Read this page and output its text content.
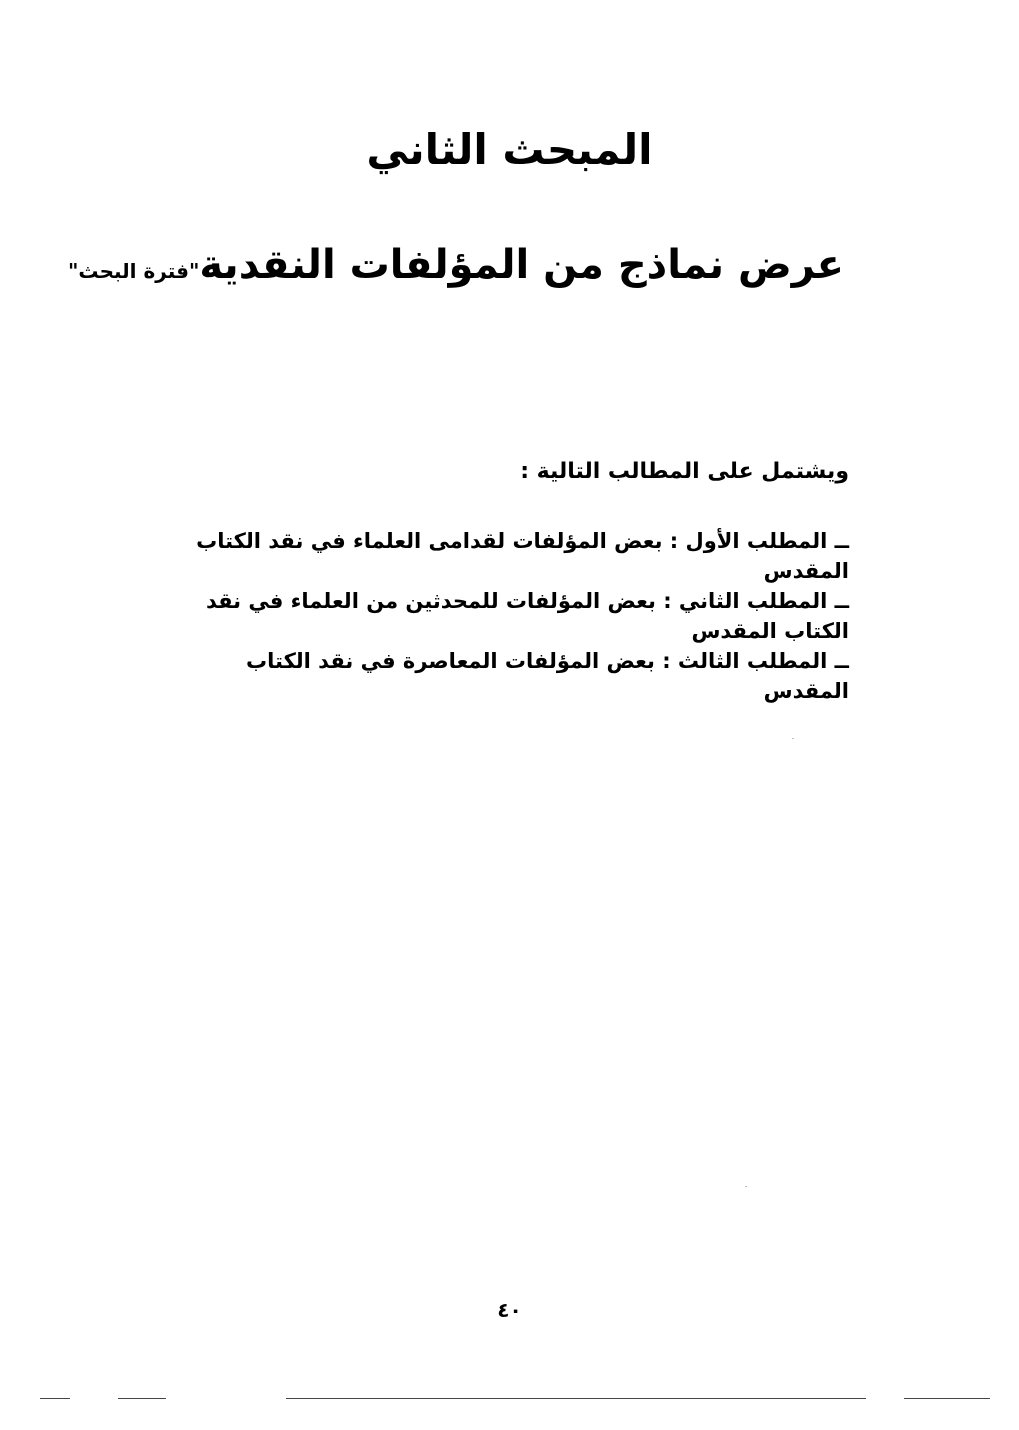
المبحث الثاني
عرض نماذج من المؤلفات النقدية"فترة البحث"
ويشتمل على المطالب التالية :
ــ المطلب الأول : بعض المؤلفات لقدامى العلماء في نقد الكتاب المقدس
ــ المطلب الثاني : بعض المؤلفات للمحدثين من العلماء في نقد الكتاب المقدس
ــ المطلب الثالث : بعض المؤلفات المعاصرة في نقد الكتاب المقدس
٤٠
